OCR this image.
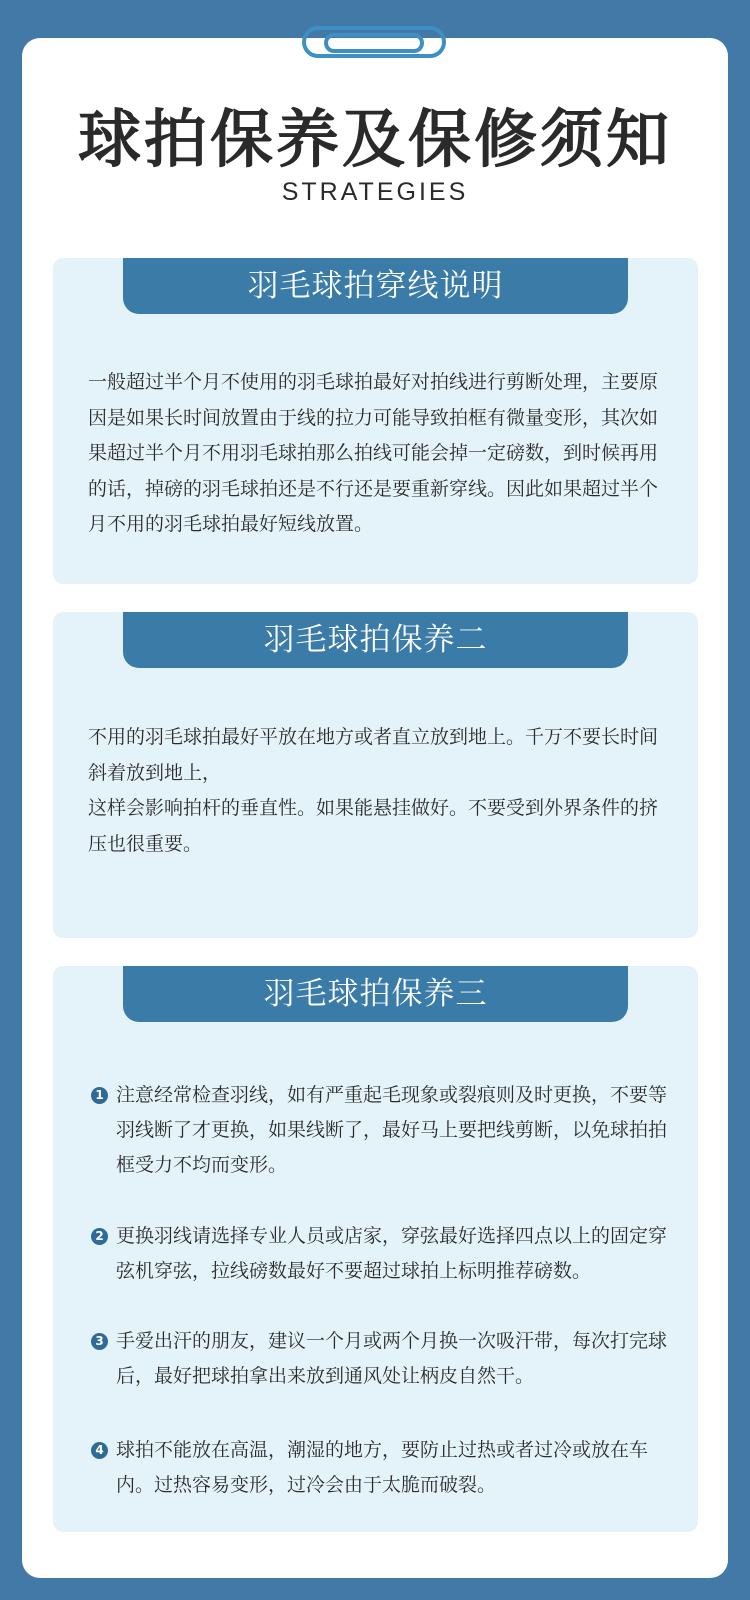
球拍保养及保修须知
STRATEGIES
羽毛球拍穿线说明

一般超过半个月不使用的羽毛球拍最好对拍线进行剪断处理，主要原因是如果长时间放置由于线的拉力可能导致拍框有微量变形，其次如果超过半个月不用羽毛球拍那么拍线可能会掉一定磅数，到时候再用的话，掉磅的羽毛球拍还是不行还是要重新穿线。因此如果超过半个月不用的羽毛球拍最好短线放置。

羽毛球拍保养二

不用的羽毛球拍最好平放在地方或者直立放到地上。千万不要长时间斜着放到地上，

这样会影响拍杆的垂直性。如果能悬挂做好。不要受到外界条件的挤压也很重要。

羽毛球拍保养三
1 注意经常检查羽线，如有严重起毛现象或裂痕则及时更换，不要等羽线断了才更换，如果线断了，最好马上要把线剪断，以免球拍拍框受力不均而变形。

2 更换羽线请选择专业人员或店家，穿弦最好选择四点以上的固定穿弦机穿弦，拉线磅数最好不要超过球拍上标明推荐磅数。

3 手爱出汗的朋友，建议一个月或两个月换一次吸汗带，每次打完球后，最好把球拍拿出来放到通风处让柄皮自然干。

4 球拍不能放在高温，潮湿的地方，要防止过热或者过冷或放在车内。过热容易变形，过冷会由于太脆而破裂。
